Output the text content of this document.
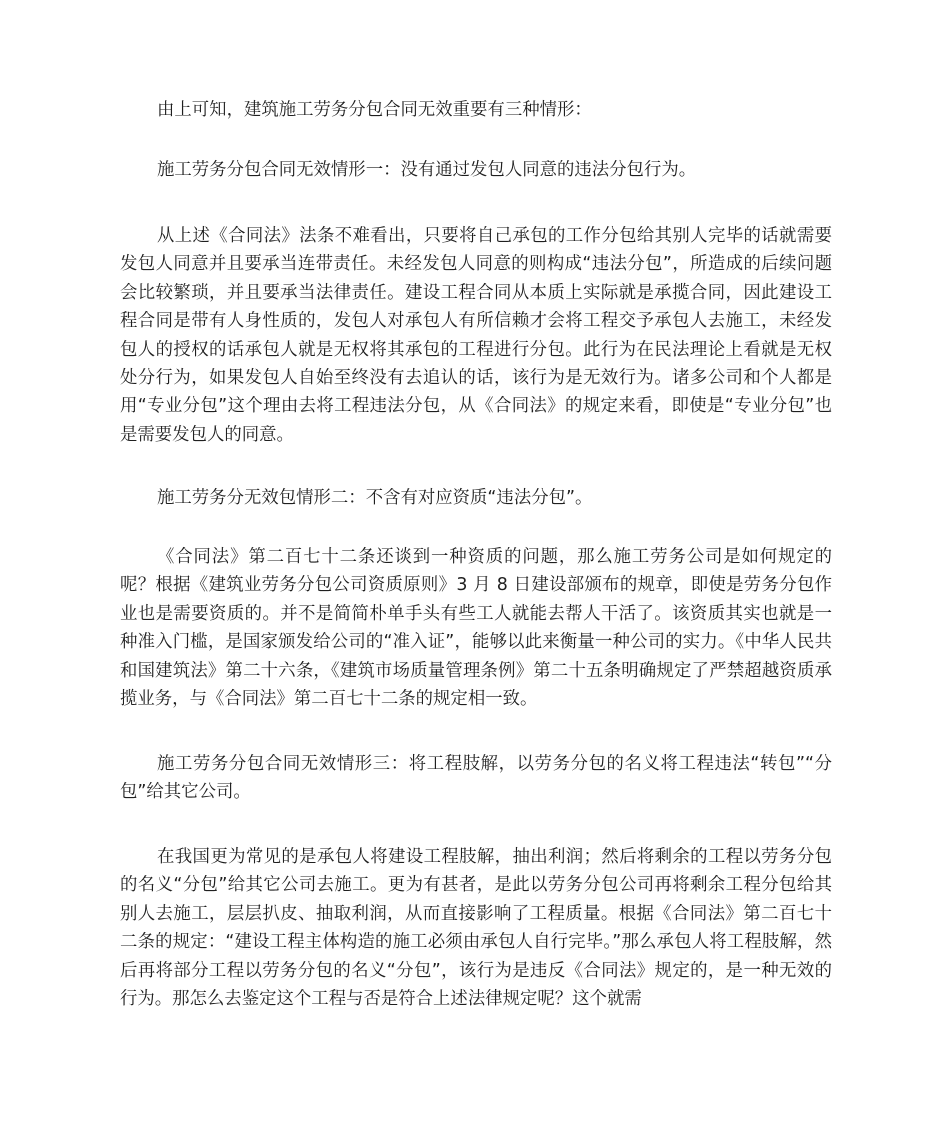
由上可知，建筑施工劳务分包合同无效重要有三种情形：

施工劳务分包合同无效情形一：没有通过发包人同意的违法分包行为。

从上述《合同法》法条不难看出，只要将自己承包的工作分包给其别人完毕的话就需要发包人同意并且要承当连带责任。未经发包人同意的则构成“违法分包”，所造成的后续问题会比较繁琐，并且要承当法律责任。建设工程合同从本质上实际就是承揽合同，因此建设工程合同是带有人身性质的，发包人对承包人有所信赖才会将工程交予承包人去施工，未经发包人的授权的话承包人就是无权将其承包的工程进行分包。此行为在民法理论上看就是无权处分行为，如果发包人自始至终没有去追认的话，该行为是无效行为。诸多公司和个人都是用“专业分包”这个理由去将工程违法分包，从《合同法》的规定来看，即使是“专业分包”也是需要发包人的同意。

施工劳务分无效包情形二：不含有对应资质“违法分包”。

《合同法》第二百七十二条还谈到一种资质的问题，那么施工劳务公司是如何规定的呢？根据《建筑业劳务分包公司资质原则》3 月 8 日建设部颁布的规章，即使是劳务分包作业也是需要资质的。并不是简简朴单手头有些工人就能去帮人干活了。该资质其实也就是一种准入门槛，是国家颁发给公司的“准入证”，能够以此来衡量一种公司的实力。《中华人民共和国建筑法》第二十六条，《建筑市场质量管理条例》第二十五条明确规定了严禁超越资质承揽业务，与《合同法》第二百七十二条的规定相一致。

施工劳务分包合同无效情形三：将工程肢解，以劳务分包的名义将工程违法“转包”“分包”给其它公司。

在我国更为常见的是承包人将建设工程肢解，抽出利润；然后将剩余的工程以劳务分包的名义“分包”给其它公司去施工。更为有甚者，是此以劳务分包公司再将剩余工程分包给其别人去施工，层层扒皮、抽取利润，从而直接影响了工程质量。根据《合同法》第二百七十二条的规定：“建设工程主体构造的施工必须由承包人自行完毕。”那么承包人将工程肢解，然后再将部分工程以劳务分包的名义“分包”，该行为是违反《合同法》规定的，是一种无效的行为。那怎么去鉴定这个工程与否是符合上述法律规定呢？这个就需
